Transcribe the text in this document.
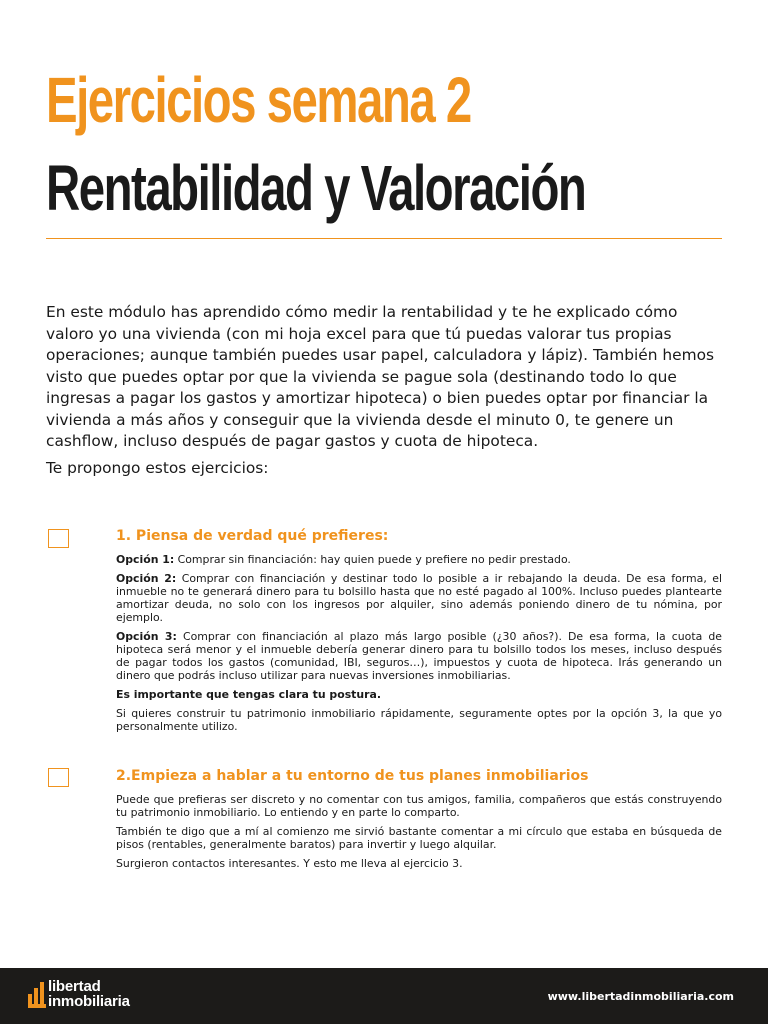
Ejercicios semana 2
Rentabilidad y Valoración

En este módulo has aprendido cómo medir la rentabilidad y te he explicado cómo valoro yo una vivienda (con mi hoja excel para que tú puedas valorar tus propias operaciones; aunque también puedes usar papel, calculadora y lápiz). También hemos visto que puedes optar por que la vivienda se pague sola (destinando todo lo que ingresas a pagar los gastos y amortizar hipoteca) o bien puedes optar por financiar la vivienda a más años y conseguir que la vivienda desde el minuto 0, te genere un cashflow, incluso después de pagar gastos y cuota de hipoteca.

Te propongo estos ejercicios:

1. Piensa de verdad qué prefieres:

Opción 1: Comprar sin financiación: hay quien puede y prefiere no pedir prestado.

Opción 2: Comprar con financiación y destinar todo lo posible a ir rebajando la deuda. De esa forma, el inmueble no te generará dinero para tu bolsillo hasta que no esté pagado al 100%. Incluso puedes plantearte amortizar deuda, no solo con los ingresos por alquiler, sino además poniendo dinero de tu nómina, por ejemplo.

Opción 3: Comprar con financiación al plazo más largo posible (¿30 años?). De esa forma, la cuota de hipoteca será menor y el inmueble debería generar dinero para tu bolsillo todos los meses, incluso después de pagar todos los gastos (comunidad, IBI, seguros…), impuestos y cuota de hipoteca. Irás generando un dinero que podrás incluso utilizar para nuevas inversiones inmobiliarias.

Es importante que tengas clara tu postura.

Si quieres construir tu patrimonio inmobiliario rápidamente, seguramente optes por la opción 3, la que yo personalmente utilizo.

2.Empieza a hablar a tu entorno de tus planes inmobiliarios

Puede que prefieras ser discreto y no comentar con tus amigos, familia, compañeros que estás construyendo tu patrimonio inmobiliario. Lo entiendo y en parte lo comparto.

También te digo que a mí al comienzo me sirvió bastante comentar a mi círculo que estaba en búsqueda de pisos (rentables, generalmente baratos) para invertir y luego alquilar.

Surgieron contactos interesantes. Y esto me lleva al ejercicio 3.

libertad
inmobiliaria	www.libertadinmobiliaria.com
